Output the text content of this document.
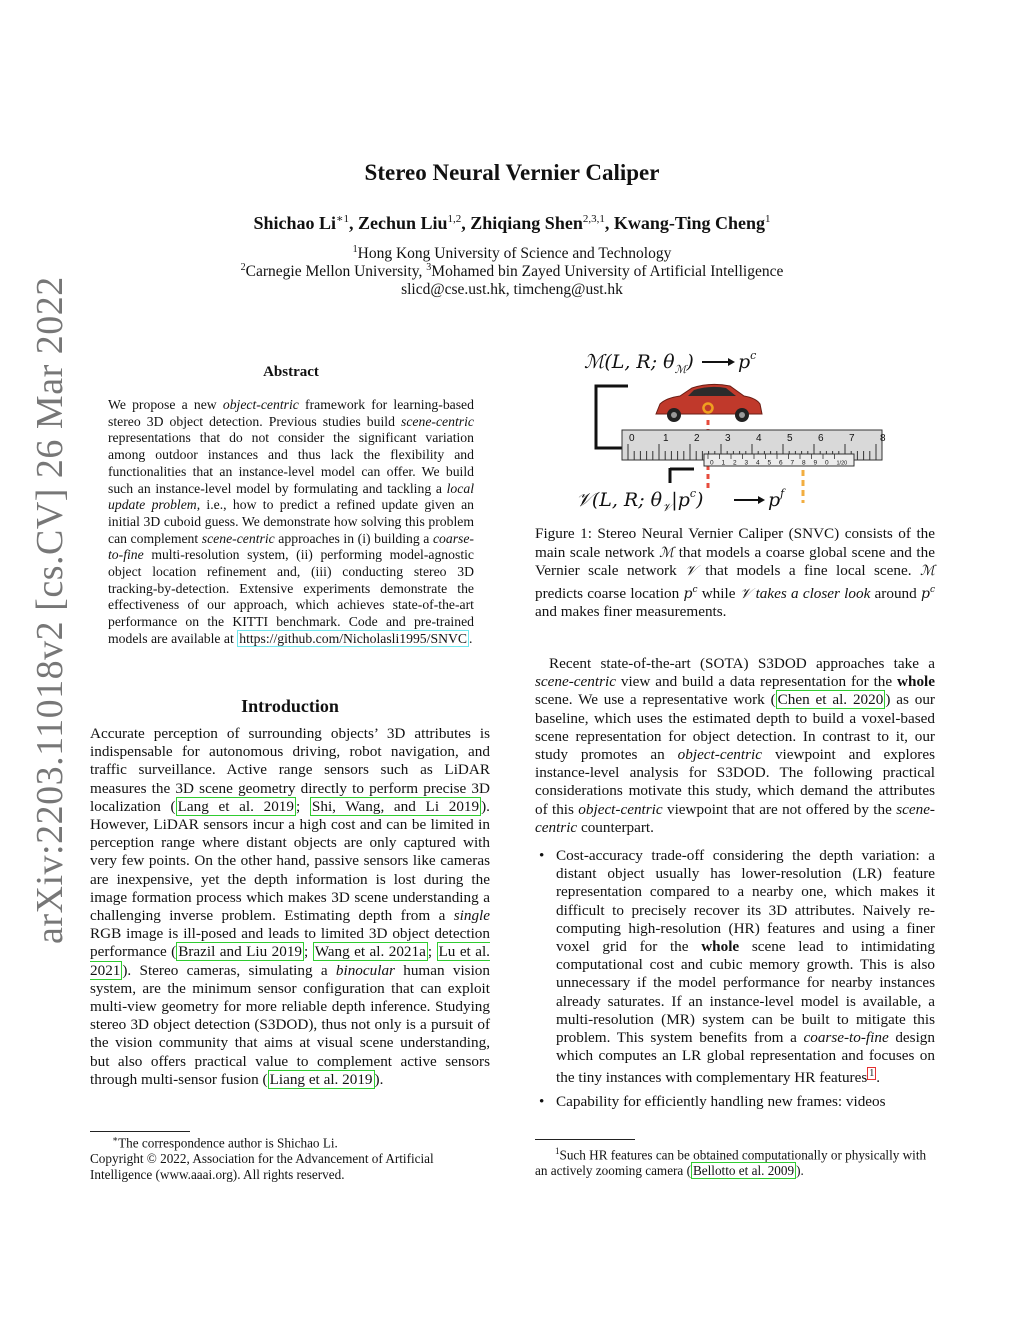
arXiv:2203.11018v2 [cs.CV] 26 Mar 2022
Stereo Neural Vernier Caliper
Shichao $Li^{∗1}$, Zechun Liu$^{1,2}$, Zhiqiang Shen$^{2,3,1}$, Kwang-Ting Cheng$^1$
$^1$Hong Kong University of Science and Technology
$^2$Carnegie Mellon University, $^3$Mohamed bin Zayed University of Artificial Intelligence
slicd@cse.ust.hk, timcheng@ust.hk
Abstract
We propose a new object-centric framework for learning-based stereo 3D object detection. Previous studies build scene-centric representations that do not consider the significant variation among outdoor instances and thus lack the flexibility and functionalities that an instance-level model can offer. We build such an instance-level model by formulating and tackling a local update problem, i.e., how to predict a refined update given an initial 3D cuboid guess. We demonstrate how solving this problem can complement scene-centric approaches in (i) building a coarse-to-fine multi-resolution system, (ii) performing model-agnostic object location refinement and, (iii) conducting stereo 3D tracking-by-detection. Extensive experiments demonstrate the effectiveness of our approach, which achieves state-of-the-art performance on the KITTI benchmark. Code and pre-trained models are available at https://github.com/Nicholasli1995/SNVC .
Introduction
Accurate perception of surrounding objects’ 3D attributes is indispensable for autonomous driving, robot navigation, and traffic surveillance. Active range sensors such as LiDAR measures the 3D scene geometry directly to perform precise 3D localization ( Lang et al. 2019 ; Shi, Wang, and Li 2019 ). However, LiDAR sensors incur a high cost and can be limited in perception range where distant objects are only captured with very few points. On the other hand, passive sensors like cameras are inexpensive, yet the depth information is lost during the image formation process which makes 3D scene understanding a challenging inverse problem. Estimating depth from a single RGB image is ill-posed and leads to limited 3D object detection performance ( Brazil and Liu 2019 ; Wang et al. 2021a ; Lu et al. 2021 ). Stereo cameras, simulating a binocular human vision system, are the minimum sensor configuration that can exploit multi-view geometry for more reliable depth inference. Studying stereo 3D object detection (S3DOD), thus not only is a pursuit of the vision community that aims at visual scene understanding, but also offers practical value to complement active sensors through multi-sensor fusion ( Liang et al. 2019 ).
∗The correspondence author is Shichao Li.
Copyright © 2022, Association for the Advancement of Artificial Intelligence (www.aaai.org). All rights reserved.
ℳ(L, R; $\theta_ℳ$) $p^c$
0	1	2	3	4	5	6	7	8
0 1 2 3 4 5 6 7 8 9 0 1/20
𝒱(L, R; $\theta_𝒱|p^c$)	$p^f$
Figure 1: Stereo Neural Vernier Caliper (SNVC) consists of the main scale network ℳ that models a coarse global scene and the Vernier scale network 𝒱 that models a fine local scene. ℳ predicts coarse location $p^c$ while 𝒱 takes a closer look around $p^c$ and makes finer measurements.
Recent state-of-the-art (SOTA) S3DOD approaches take a scene-centric view and build a data representation for the whole scene. We use a representative work ( Chen et al. 2020 ) as our baseline, which uses the estimated depth to build a voxel-based scene representation for object detection. In contrast to it, our study promotes an object-centric viewpoint and explores instance-level analysis for S3DOD. The following practical considerations motivate this study, which demand the attributes of this object-centric viewpoint that are not offered by the scene-centric counterpart.
• Cost-accuracy trade-off considering the depth variation: a distant object usually has lower-resolution (LR) feature representation compared to a nearby one, which makes it difficult to precisely recover its 3D attributes. Naively re-computing high-resolution (HR) features and using a finer voxel grid for the whole scene lead to intimidating computational cost and cubic memory growth. This is also unnecessary if the model performance for nearby instances already saturates. If an instance-level model is available, a multi-resolution (MR) system can be built to mitigate this problem. This system benefits from a coarse-to-fine design which computes an LR global representation and focuses on the tiny instances with complementary HR features $^1$ .
• Capability for efficiently handling new frames: videos
$^1$Such HR features can be obtained computationally or physically with an actively zooming camera ( Bellotto et al. 2009 ).
